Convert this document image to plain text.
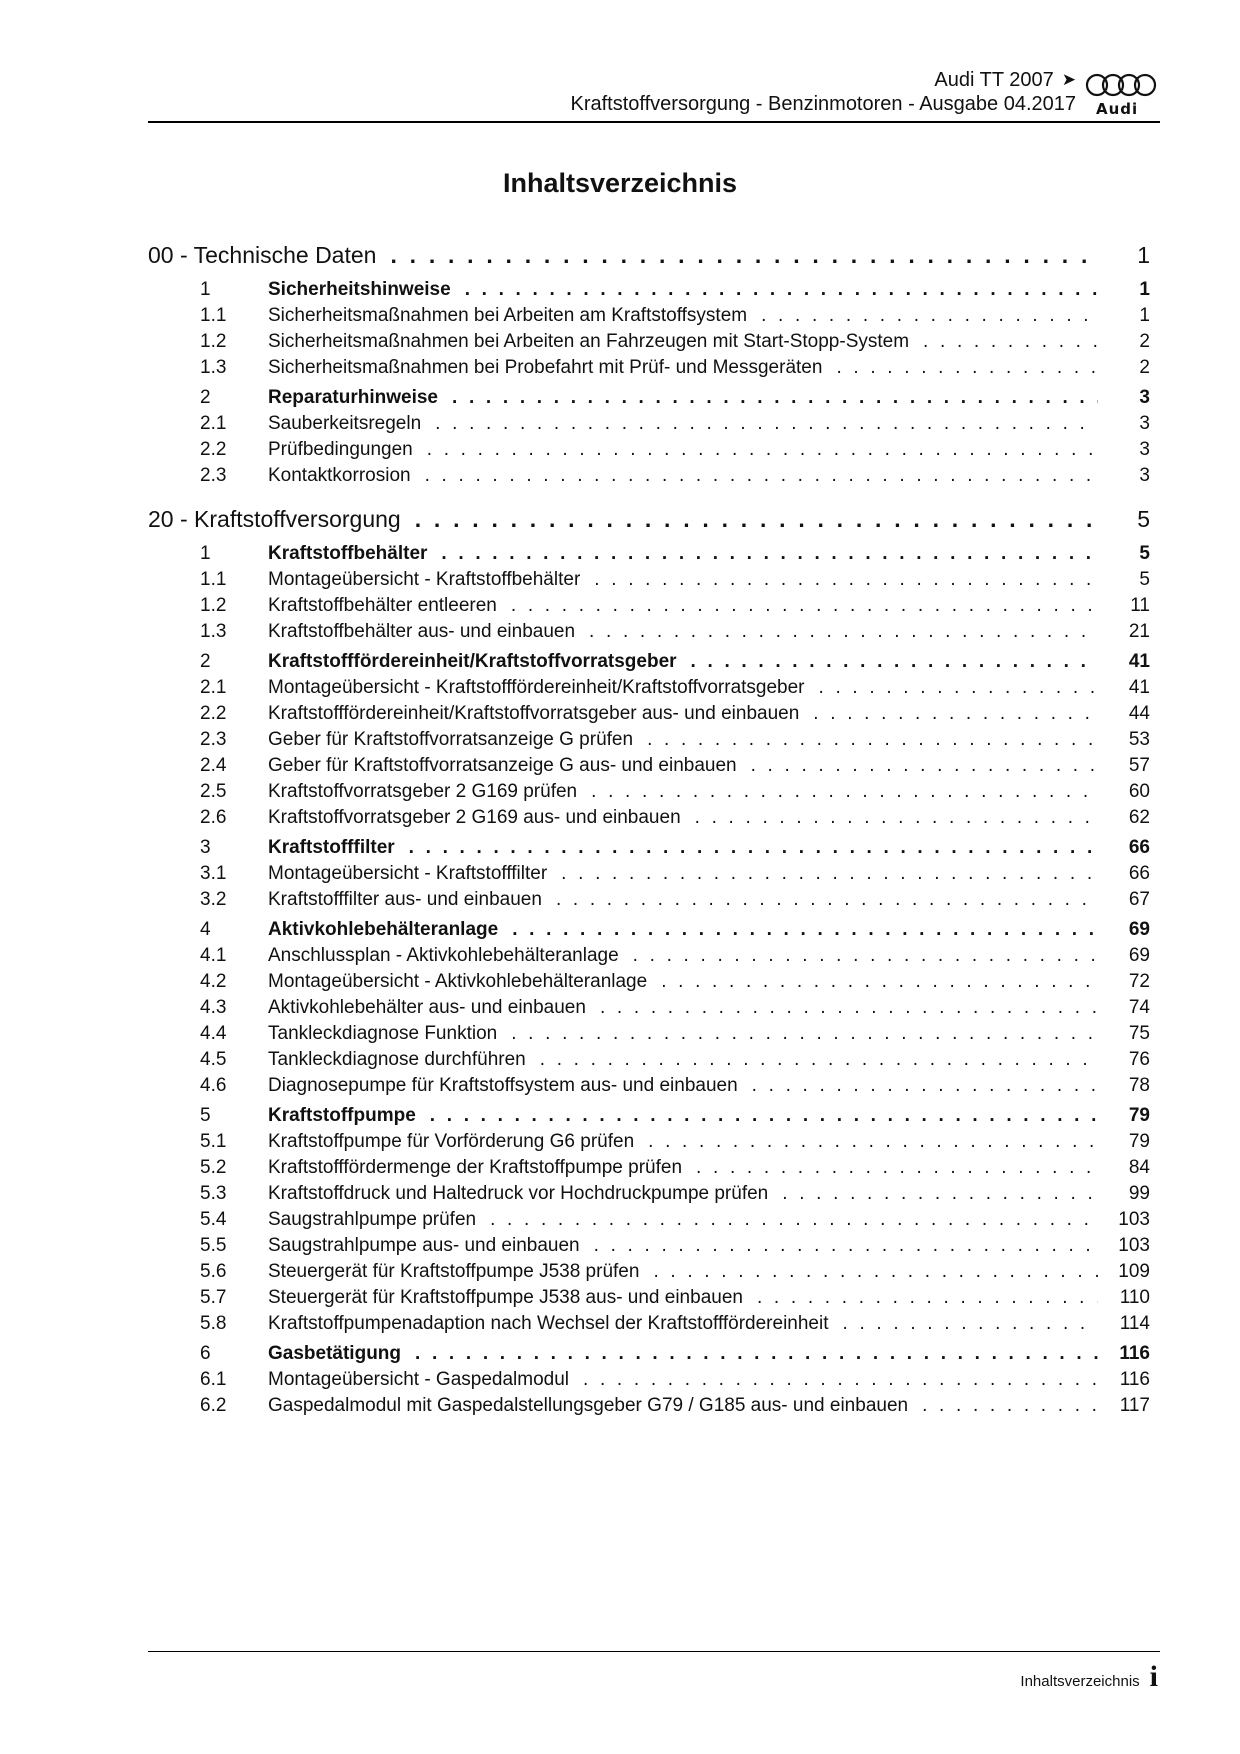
Audi TT 2007 ➤
Kraftstoffversorgung - Benzinmotoren - Ausgabe 04.2017 Audi
Inhaltsverzeichnis
00 - Technische Daten . . .	1
1	Sicherheitshinweise . . .	1
1.1	Sicherheitsmaßnahmen bei Arbeiten am Kraftstoffsystem . . .	1
1.2	Sicherheitsmaßnahmen bei Arbeiten an Fahrzeugen mit Start-Stopp-System . . .	2
1.3	Sicherheitsmaßnahmen bei Probefahrt mit Prüf- und Messgeräten . . .	2
2	Reparaturhinweise . . .	3
2.1	Sauberkeitsregeln . . .	3
2.2	Prüfbedingungen . . .	3
2.3	Kontaktkorrosion . . .	3
20 - Kraftstoffversorgung . . .	5
1	Kraftstoffbehälter . . .	5
1.1	Montageübersicht - Kraftstoffbehälter . . .	5
1.2	Kraftstoffbehälter entleeren . . .	11
1.3	Kraftstoffbehälter aus- und einbauen . . .	21
2	Kraftstofffördereinheit/Kraftstoffvorratsgeber . . .	41
2.1	Montageübersicht - Kraftstofffördereinheit/Kraftstoffvorratsgeber . . .	41
2.2	Kraftstofffördereinheit/Kraftstoffvorratsgeber aus- und einbauen . . .	44
2.3	Geber für Kraftstoffvorratsanzeige G prüfen . . .	53
2.4	Geber für Kraftstoffvorratsanzeige G aus- und einbauen . . .	57
2.5	Kraftstoffvorratsgeber 2 G169 prüfen . . .	60
2.6	Kraftstoffvorratsgeber 2 G169 aus- und einbauen . . .	62
3	Kraftstofffilter . . .	66
3.1	Montageübersicht - Kraftstofffilter . . .	66
3.2	Kraftstofffilter aus- und einbauen . . .	67
4	Aktivkohlebehälteranlage . . .	69
4.1	Anschlussplan - Aktivkohlebehälteranlage . . .	69
4.2	Montageübersicht - Aktivkohlebehälteranlage . . .	72
4.3	Aktivkohlebehälter aus- und einbauen . . .	74
4.4	Tankleckdiagnose Funktion . . .	75
4.5	Tankleckdiagnose durchführen . . .	76
4.6	Diagnosepumpe für Kraftstoffsystem aus- und einbauen . . .	78
5	Kraftstoffpumpe . . .	79
5.1	Kraftstoffpumpe für Vorförderung G6 prüfen . . .	79
5.2	Kraftstofffördermenge der Kraftstoffpumpe prüfen . . .	84
5.3	Kraftstoffdruck und Haltedruck vor Hochdruckpumpe prüfen . . .	99
5.4	Saugstrahlpumpe prüfen . . .	103
5.5	Saugstrahlpumpe aus- und einbauen . . .	103
5.6	Steuergerät für Kraftstoffpumpe J538 prüfen . . .	109
5.7	Steuergerät für Kraftstoffpumpe J538 aus- und einbauen . . .	110
5.8	Kraftstoffpumpenadaption nach Wechsel der Kraftstofffördereinheit . . .	114
6	Gasbetätigung . . .	116
6.1	Montageübersicht - Gaspedalmodul . . .	116
6.2	Gaspedalmodul mit Gaspedalstellungsgeber G79 / G185 aus- und einbauen . . .	117
Inhaltsverzeichnis i
